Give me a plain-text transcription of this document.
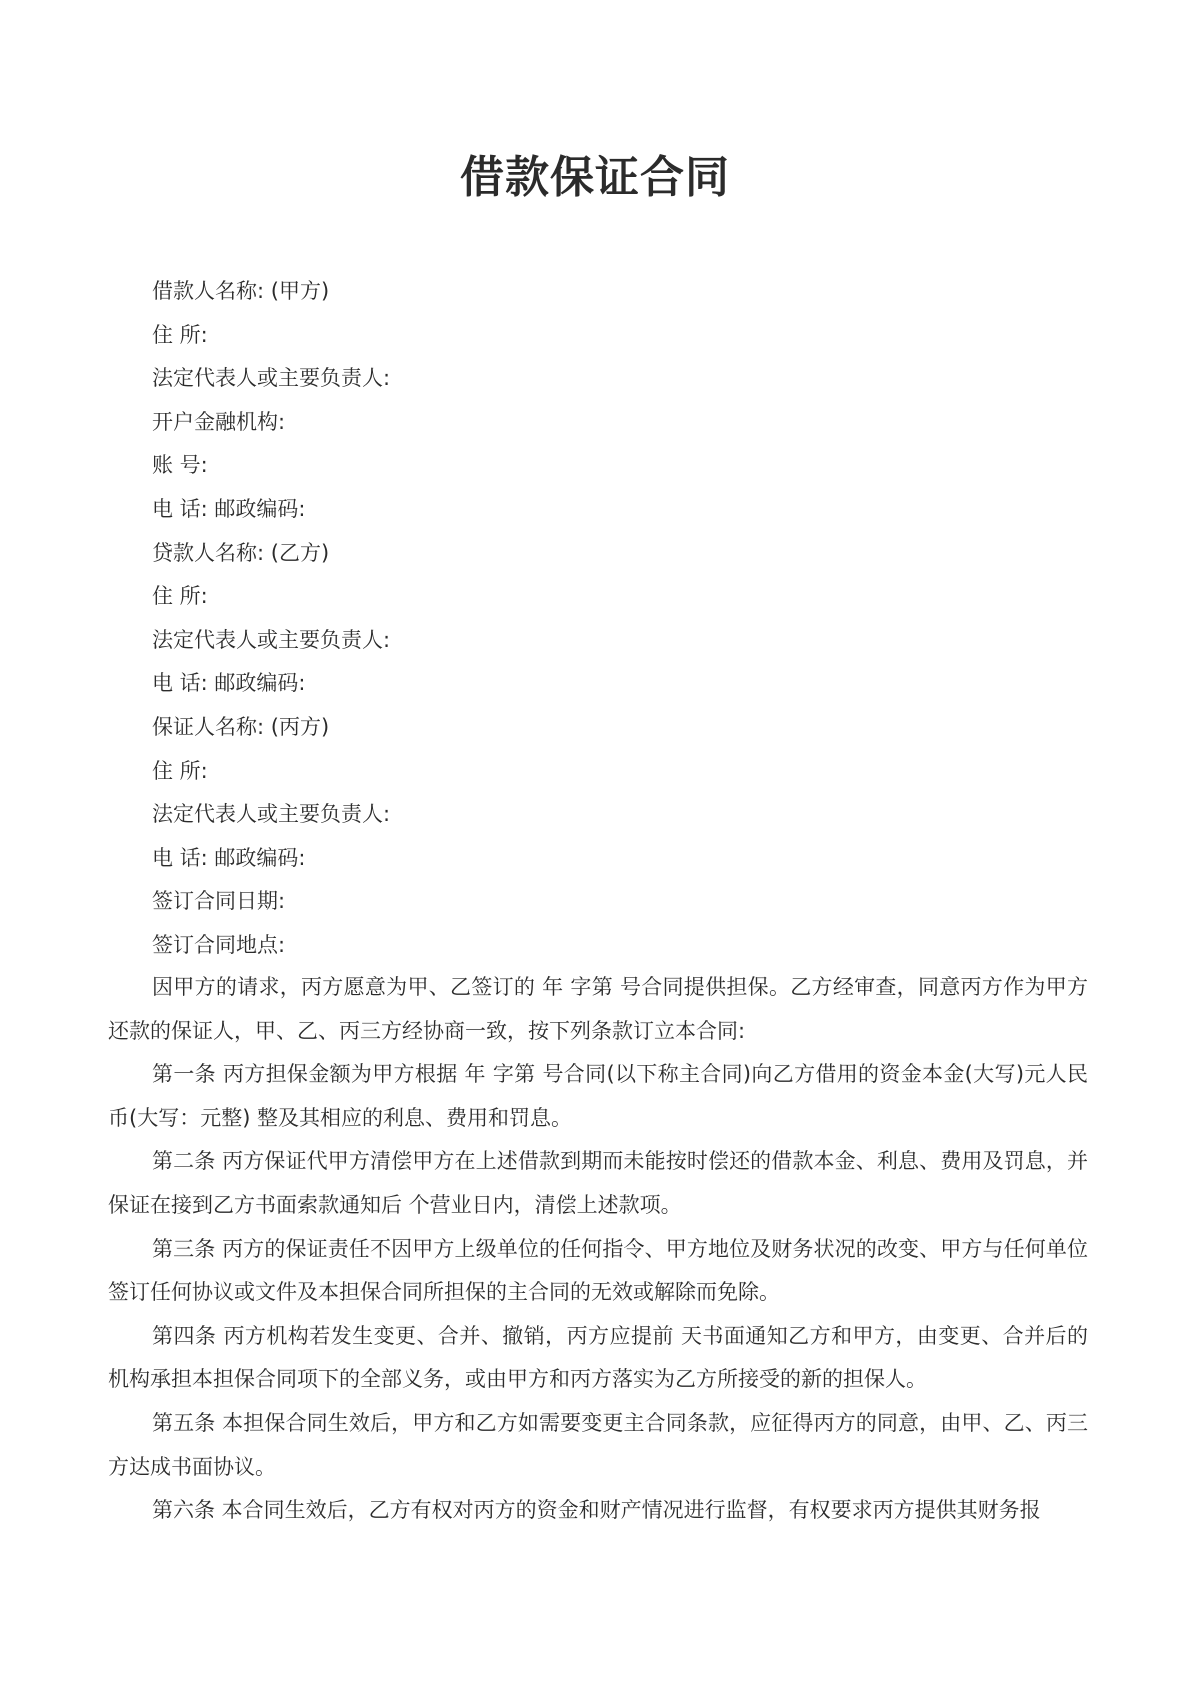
借款保证合同
借款人名称: (甲方)
住 所:
法定代表人或主要负责人:
开户金融机构:
账 号:
电 话: 邮政编码:
贷款人名称: (乙方)
住 所:
法定代表人或主要负责人:
电 话: 邮政编码:
保证人名称: (丙方)
住 所:
法定代表人或主要负责人:
电 话: 邮政编码:
签订合同日期:
签订合同地点:

因甲方的请求，丙方愿意为甲、乙签订的 年 字第 号合同提供担保。乙方经审查，同意丙方作为甲方还款的保证人，甲、乙、丙三方经协商一致，按下列条款订立本合同:

第一条 丙方担保金额为甲方根据 年 字第 号合同(以下称主合同)向乙方借用的资金本金(大写)元人民币(大写：元整) 整及其相应的利息、费用和罚息。

第二条 丙方保证代甲方清偿甲方在上述借款到期而未能按时偿还的借款本金、利息、费用及罚息，并保证在接到乙方书面索款通知后 个营业日内，清偿上述款项。

第三条 丙方的保证责任不因甲方上级单位的任何指令、甲方地位及财务状况的改变、甲方与任何单位签订任何协议或文件及本担保合同所担保的主合同的无效或解除而免除。

第四条 丙方机构若发生变更、合并、撤销，丙方应提前 天书面通知乙方和甲方，由变更、合并后的机构承担本担保合同项下的全部义务，或由甲方和丙方落实为乙方所接受的新的担保人。

第五条 本担保合同生效后，甲方和乙方如需要变更主合同条款，应征得丙方的同意，由甲、乙、丙三方达成书面协议。

第六条 本合同生效后，乙方有权对丙方的资金和财产情况进行监督，有权要求丙方提供其财务报
